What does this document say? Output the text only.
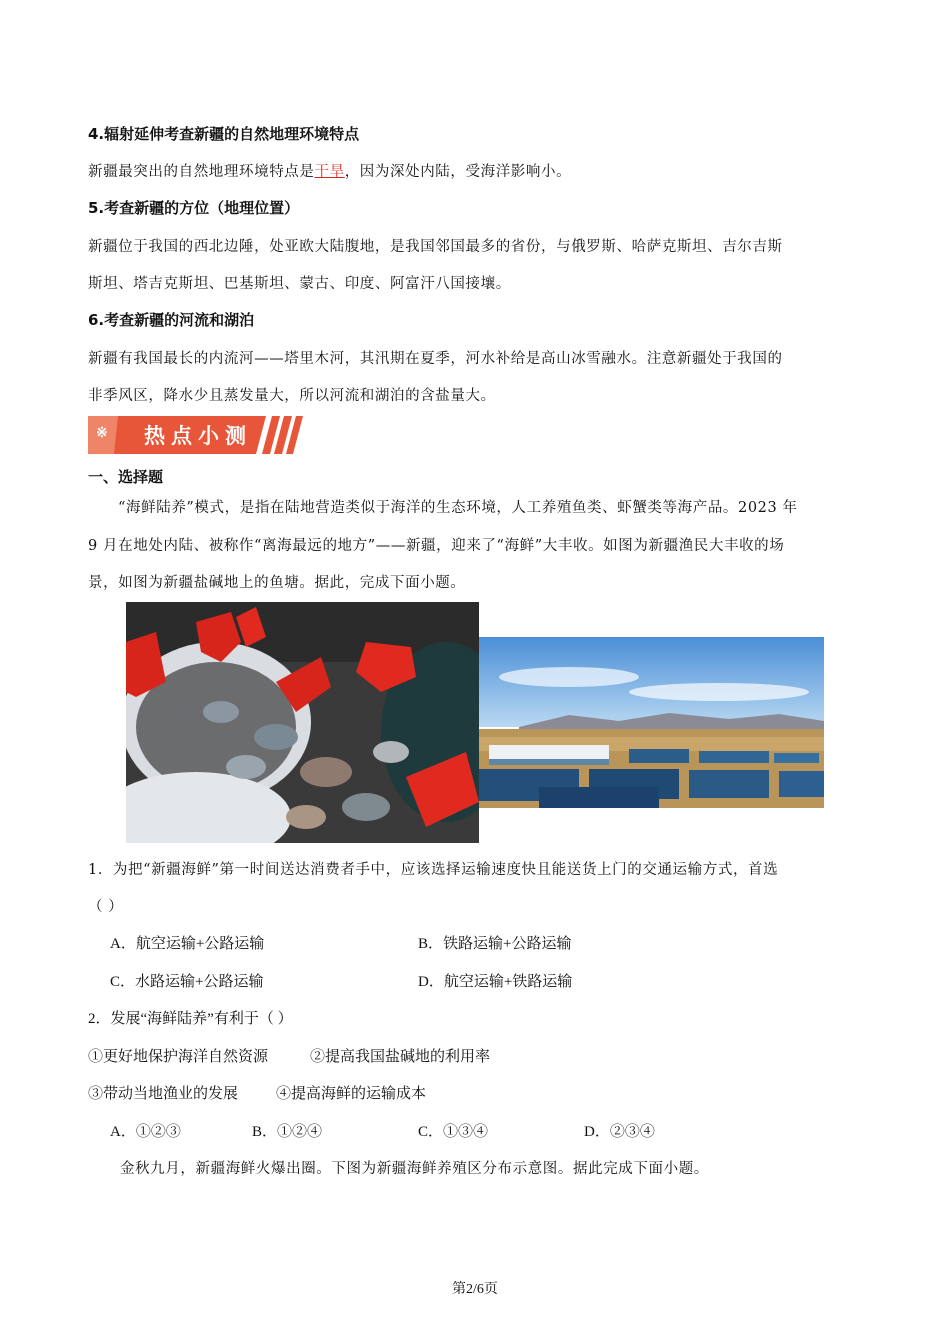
4.辐射延伸考查新疆的自然地理环境特点
新疆最突出的自然地理环境特点是干旱，因为深处内陆，受海洋影响小。
5.考查新疆的方位（地理位置）
新疆位于我国的西北边陲，处亚欧大陆腹地，是我国邻国最多的省份，与俄罗斯、哈萨克斯坦、吉尔吉斯
斯坦、塔吉克斯坦、巴基斯坦、蒙古、印度、阿富汗八国接壤。
6.考查新疆的河流和湖泊
新疆有我国最长的内流河——塔里木河，其汛期在夏季，河水补给是高山冰雪融水。注意新疆处于我国的
非季风区，降水少且蒸发量大，所以河流和湖泊的含盐量大。
※ 热点小测
一、选择题
“海鲜陆养”模式，是指在陆地营造类似于海洋的生态环境，人工养殖鱼类、虾蟹类等海产品。2023 年
9 月在地处内陆、被称作“离海最远的地方”——新疆，迎来了“海鲜”大丰收。如图为新疆渔民大丰收的场
景，如图为新疆盐碱地上的鱼塘。据此，完成下面小题。
1．为把“新疆海鲜”第一时间送达消费者手中，应该选择运输速度快且能送货上门的交通运输方式，首选
（ ）
A．航空运输+公路运输	B．铁路运输+公路运输
C．水路运输+公路运输	D．航空运输+铁路运输
2．发展“海鲜陆养”有利于（ ）
①更好地保护海洋自然资源	②提高我国盐碱地的利用率
③带动当地渔业的发展	④提高海鲜的运输成本
A．①②③	B．①②④	C．①③④	D．②③④
金秋九月，新疆海鲜火爆出圈。下图为新疆海鲜养殖区分布示意图。据此完成下面小题。
第2/6页
